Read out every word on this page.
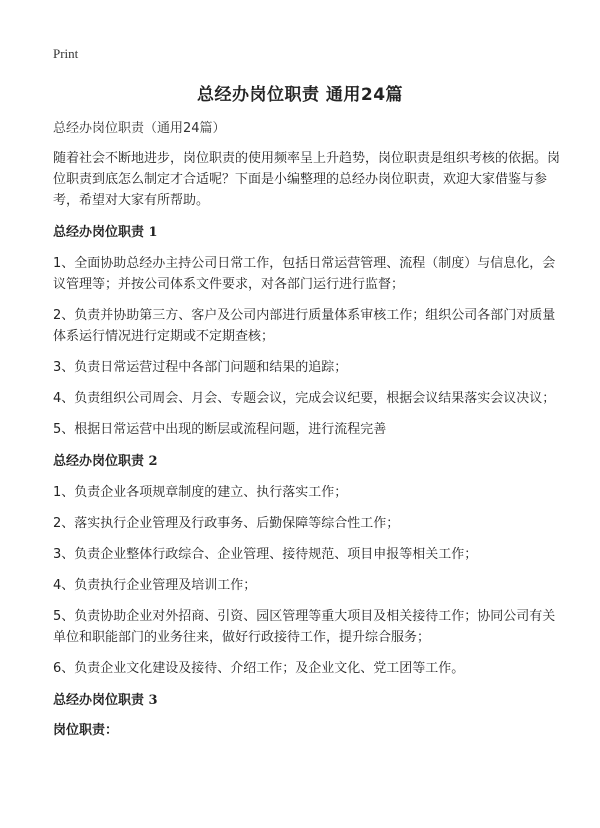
Print
总经办岗位职责 通用24篇

总经办岗位职责（通用24篇）

随着社会不断地进步，岗位职责的使用频率呈上升趋势，岗位职责是组织考核的依据。岗位职责到底怎么制定才合适呢？下面是小编整理的总经办岗位职责，欢迎大家借鉴与参考，希望对大家有所帮助。

总经办岗位职责 1

1、全面协助总经办主持公司日常工作，包括日常运营管理、流程（制度）与信息化，会议管理等；并按公司体系文件要求，对各部门运行进行监督；

2、负责并协助第三方、客户及公司内部进行质量体系审核工作；组织公司各部门对质量体系运行情况进行定期或不定期查核；

3、负责日常运营过程中各部门问题和结果的追踪；

4、负责组织公司周会、月会、专题会议，完成会议纪要，根据会议结果落实会议决议；

5、根据日常运营中出现的断层或流程问题，进行流程完善

总经办岗位职责 2

1、负责企业各项规章制度的建立、执行落实工作；

2、落实执行企业管理及行政事务、后勤保障等综合性工作；

3、负责企业整体行政综合、企业管理、接待规范、项目申报等相关工作；

4、负责执行企业管理及培训工作；

5、负责协助企业对外招商、引资、园区管理等重大项目及相关接待工作；协同公司有关单位和职能部门的业务往来，做好行政接待工作，提升综合服务；

6、负责企业文化建设及接待、介绍工作；及企业文化、党工团等工作。

总经办岗位职责 3

岗位职责：
